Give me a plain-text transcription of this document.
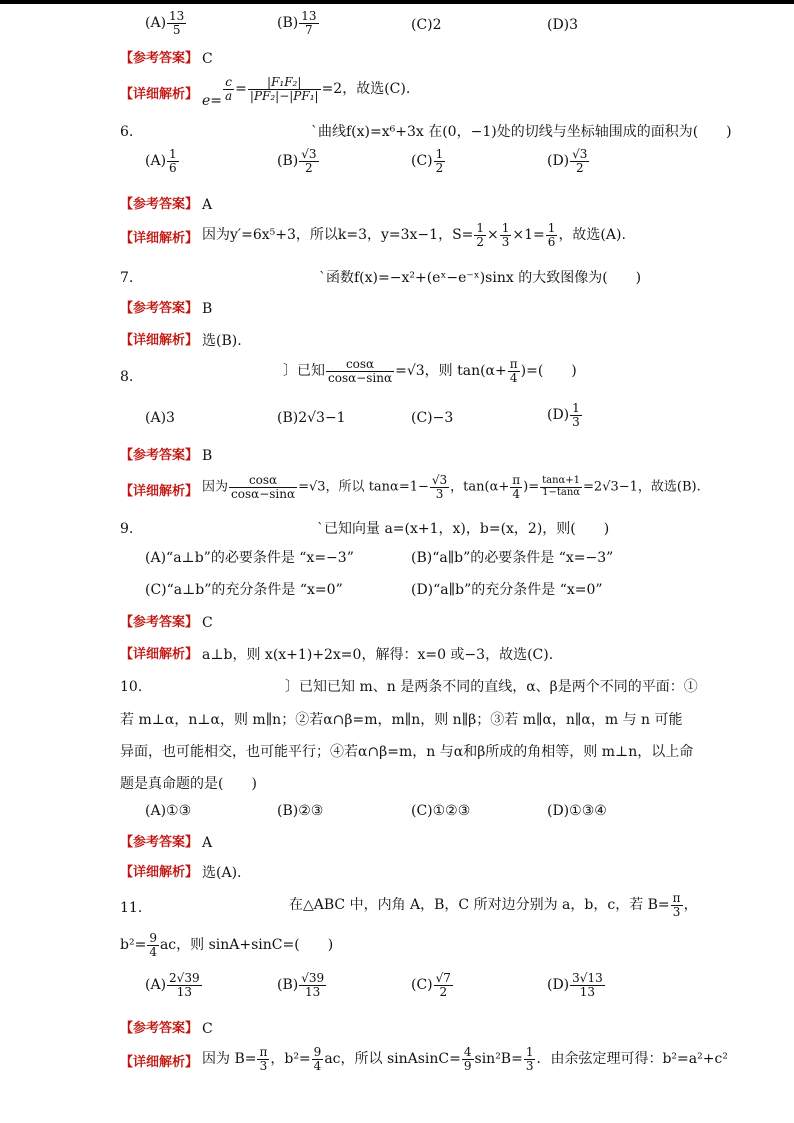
$(A) \frac{13}{5}$	$(B) \frac{13}{7}$	(C)2	(D)3
【参考答案】 C
【详细解析】 $e= \frac{c}{a} = \frac{\text{|F₁F₂|}}{\text{|PF₂|−|PF₁|}} =2$，故选(C).
6.	`曲线f(x)=x⁶+3x 在(0，−1)处的切线与坐标轴围成的面积为(　　)
$(A) \frac{1}{6}$	$(B) \frac{√3}{2}$	$(C) \frac{1}{2}$	$(D) \frac{√3}{2}$
【参考答案】 A
【详细解析】 因为y′=6x⁵+3，所以k=3，y=3x−1，$S= \frac{1}{2} \times \frac{1}{3} \times 1= \frac{1}{6}$ ，故选(A).
7.	`函数f(x)=−x²+(eˣ−e⁻ˣ)sinx 的大致图像为(　　)
【参考答案】 B
【详细解析】 选(B).
8.	〕已知 $\frac{\cos\alpha}{\cos\alpha-\sin\alpha} =√3$，则 $\tan(\alpha+ \frac{\pi}{4}$ )=(　　)
(A)3	(B)2√3−1	(C)−3	$(D) \frac{1}{3}$
【参考答案】 B
【详细解析】 因为 $\frac{\cos\alpha}{\cos\alpha-\sin\alpha} =√3$，所以 $\tan\alpha=1- \frac{√3}{3}$ ，$\tan(\alpha+ \frac{\pi}{4}$ )= $\frac{\tan\alpha+1}{1-\tan\alpha} =2√3-1$，故选(B).
9.	`已知向量 a=(x+1，x)，b=(x，2)，则(　　)
(A)“a⊥b”的必要条件是 “x=−3”	(B)“a∥b”的必要条件是 “x=−3”
(C)“a⊥b”的充分条件是 “x=0”	(D)“a∥b”的充分条件是 “x=0”
【参考答案】 C
【详细解析】 a⊥b，则 x(x+1)+2x=0，解得：x=0 或−3，故选(C).
10.	〕已知已知 m、n 是两条不同的直线，α、β是两个不同的平面：①
若 m⊥α，n⊥α，则 m∥n；②若α∩β=m，m∥n，则 n∥β；③若 m∥α，n∥α，m 与 n 可能
异面，也可能相交，也可能平行；④若α∩β=m，n 与α和β所成的角相等，则 m⊥n，以上命
题是真命题的是(　　)
(A)①③	(B)②③	(C)①②③	(D)①③④
【参考答案】 A
【详细解析】 选(A).
11.	在△ABC 中，内角 A，B，C 所对边分别为 a，b，c，若 $B= \frac{\pi}{3}$ ，
$b^2= \frac{9}{4}$ ac，则 sinA+sinC=(　　)
$(A) \frac{2√39}{13}$	$(B) \frac{√39}{13}$	$(C) \frac{√7}{2}$	$(D) \frac{3√13}{13}$
【参考答案】 C
【详细解析】 因为 $B= \frac{\pi}{3}$ ，$b^2= \frac{9}{4}$ ac，所以 sinAsinC= $\frac{4}{9} \sin^2B= \frac{1}{3}$ ．由余弦定理可得：b²=a²+c²
